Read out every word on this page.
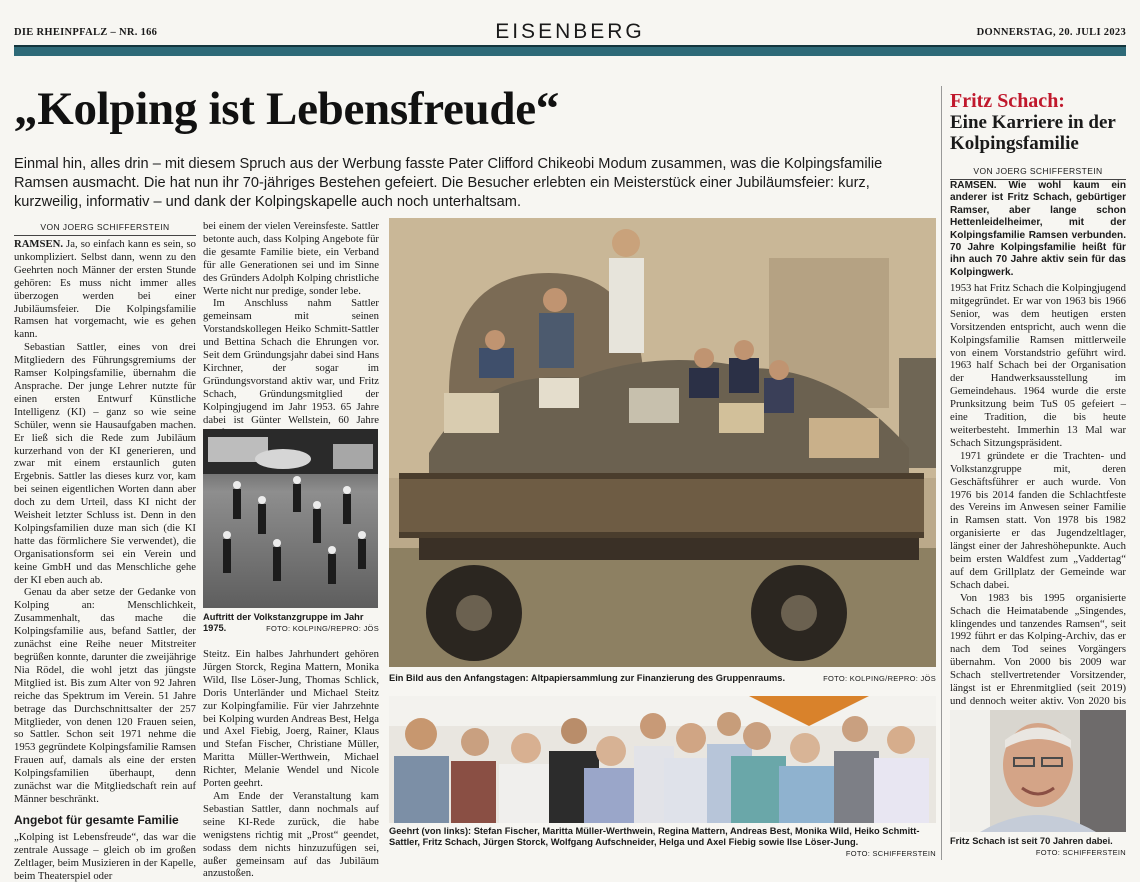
DIE RHEINPFALZ – NR. 166	EISENBERG	DONNERSTAG, 20. JULI 2023
„Kolping ist Lebensfreude“
Einmal hin, alles drin – mit diesem Spruch aus der Werbung fasste Pater Clifford Chikeobi Modum zusammen, was die Kolpingsfamilie Ramsen ausmacht. Die hat nun ihr 70-jähriges Bestehen gefeiert. Die Besucher erlebten ein Meisterstück einer Jubiläumsfeier: kurz, kurzweilig, informativ – und dank der Kolpingskapelle auch noch unterhaltsam.
VON JOERG SCHIFFERSTEIN

RAMSEN. Ja, so einfach kann es sein, so unkompliziert. Selbst dann, wenn zu den Geehrten noch Männer der ersten Stunde gehören: Es muss nicht immer alles überzogen werden bei einer Jubiläumsfeier. Die Kolpingsfamilie Ramsen hat vorgemacht, wie es gehen kann.

Sebastian Sattler, eines von drei Mitgliedern des Führungsgremiums der Ramser Kolpingsfamilie, übernahm die Ansprache. Der junge Lehrer nutzte für einen ersten Entwurf Künstliche Intelligenz (KI) – ganz so wie seine Schüler, wenn sie Hausaufgaben machen. Er ließ sich die Rede zum Jubiläum kurzerhand von der KI generieren, und zwar mit einem erstaunlich guten Ergebnis. Sattler las dieses kurz vor, kam bei seinen eigentlichen Worten dann aber doch zu dem Urteil, dass KI nicht der Weisheit letzter Schluss ist. Denn in den Kolpingsfamilien duze man sich (die KI hatte das förmlichere Sie verwendet), die Organisationsform sei ein Verein und keine GmbH und das Menschliche gehe der KI eben auch ab.

Genau da aber setze der Gedanke von Kolping an: Menschlichkeit, Zusammenhalt, das mache die Kolpingsfamilie aus, befand Sattler, der zunächst eine Reihe neuer Mitstreiter begrüßen konnte, darunter die zweijährige Nia Rödel, die wohl jetzt das jüngste Mitglied ist. Bis zum Alter von 92 Jahren reiche das Spektrum im Verein. 51 Jahre betrage das Durchschnittsalter der 257 Mitglieder, von denen 120 Frauen seien, so Sattler. Schon seit 1971 nehme die 1953 gegründete Kolpingsfamilie Ramsen Frauen auf, damals als eine der ersten Kolpingsfamilien überhaupt, denn zunächst war die Mitgliedschaft rein auf Männer beschränkt.

Angebot für gesamte Familie

„Kolping ist Lebensfreude“, das war die zentrale Aussage – gleich ob im großen Zeltlager, beim Musizieren in der Kapelle, beim Theaterspiel oder

bei einem der vielen Vereinsfeste. Sattler betonte auch, dass Kolping Angebote für die gesamte Familie biete, ein Verband für alle Generationen sei und im Sinne des Gründers Adolph Kolping christliche Werte nicht nur predige, sonder lebe.

Im Anschluss nahm Sattler gemeinsam mit seinen Vorstandskollegen Heiko Schmitt-Sattler und Bettina Schach die Ehrungen vor. Seit dem Gründungsjahr dabei sind Hans Kirchner, der sogar im Gründungsvorstand aktiv war, und Fritz Schach, Gründungsmitglied der Kolpingjugend im Jahr 1953. 65 Jahre dabei ist Günter Wellstein, 60 Jahre

Auftritt der Volkstanzgruppe im Jahr 1975.	FOTO: KOLPING/REPRO: JÖS

Steitz. Ein halbes Jahrhundert gehören Jürgen Storck, Regina Mattern, Monika Wild, Ilse Löser-Jung, Thomas Schlick, Doris Unterländer und Michael Steitz zur Kolpingfamilie. Für vier Jahrzehnte bei Kolping wurden Andreas Best, Helga und Axel Fiebig, Joerg, Rainer, Klaus und Stefan Fischer, Christiane Müller, Maritta Müller-Werthwein, Michael Richter, Melanie Wendel und Nicole Porten geehrt.

Am Ende der Veranstaltung kam Sebastian Sattler, dann nochmals auf seine KI-Rede zurück, die habe wenigstens richtig mit „Prost“ geendet, sodass dem nichts hinzuzufügen sei, außer gemeinsam auf das Jubiläum anzustoßen.

Ein Bild aus den Anfangstagen: Altpapiersammlung zur Finanzierung des Gruppenraums.	FOTO: KOLPING/REPRO: JÖS
Geehrt (von links): Stefan Fischer, Maritta Müller-Werthwein, Regina Mattern, Andreas Best, Monika Wild, Heiko Schmitt-Sattler, Fritz Schach, Jürgen Storck, Wolfgang Aufschneider, Helga und Axel Fiebig sowie Ilse Löser-Jung.
FOTO: SCHIFFERSTEIN
Fritz Schach:
Eine Karriere in der Kolpingsfamilie
VON JOERG SCHIFFERSTEIN
RAMSEN. Wie wohl kaum ein anderer ist Fritz Schach, gebürtiger Ramser, aber lange schon Hettenleidelheimer, mit der Kolpingsfamilie Ramsen verbunden. 70 Jahre Kolpingsfamilie heißt für ihn auch 70 Jahre aktiv sein für das Kolpingwerk.

1953 hat Fritz Schach die Kolpingjugend mitgegründet. Er war von 1963 bis 1966 Senior, was dem heutigen ersten Vorsitzenden entspricht, auch wenn die Kolpingsfamilie Ramsen mittlerweile von einem Vorstandstrio geführt wird. 1963 half Schach bei der Organisation der Handwerksausstellung im Gemeindehaus. 1964 wurde die erste Prunksitzung beim TuS 05 gefeiert – eine Tradition, die bis heute weiterbesteht. Immerhin 13 Mal war Schach Sitzungspräsident.

1971 gründete er die Trachten- und Volkstanzgruppe mit, deren Geschäftsführer er auch wurde. Von 1976 bis 2014 fanden die Schlachtfeste des Vereins im Anwesen seiner Familie in Ramsen statt. Von 1978 bis 1982 organisierte er das Jugendzeltlager, längst einer der Jahreshöhepunkte. Auch beim ersten Waldfest zum „Vaddertag“ auf dem Grillplatz der Gemeinde war Schach dabei.

Von 1983 bis 1995 organisierte Schach die Heimatabende „Singendes, klingendes und tanzendes Ramsen“, seit 1992 führt er das Kolping-Archiv, das er nach dem Tod seines Vorgängers übernahm. Von 2000 bis 2009 war Schach stellvertretender Vorsitzender, längst ist er Ehrenmitglied (seit 2019) und dennoch weiter aktiv. Von 2020 bis

Fritz Schach ist seit 70 Jahren dabei.
FOTO: SCHIFFERSTEIN
